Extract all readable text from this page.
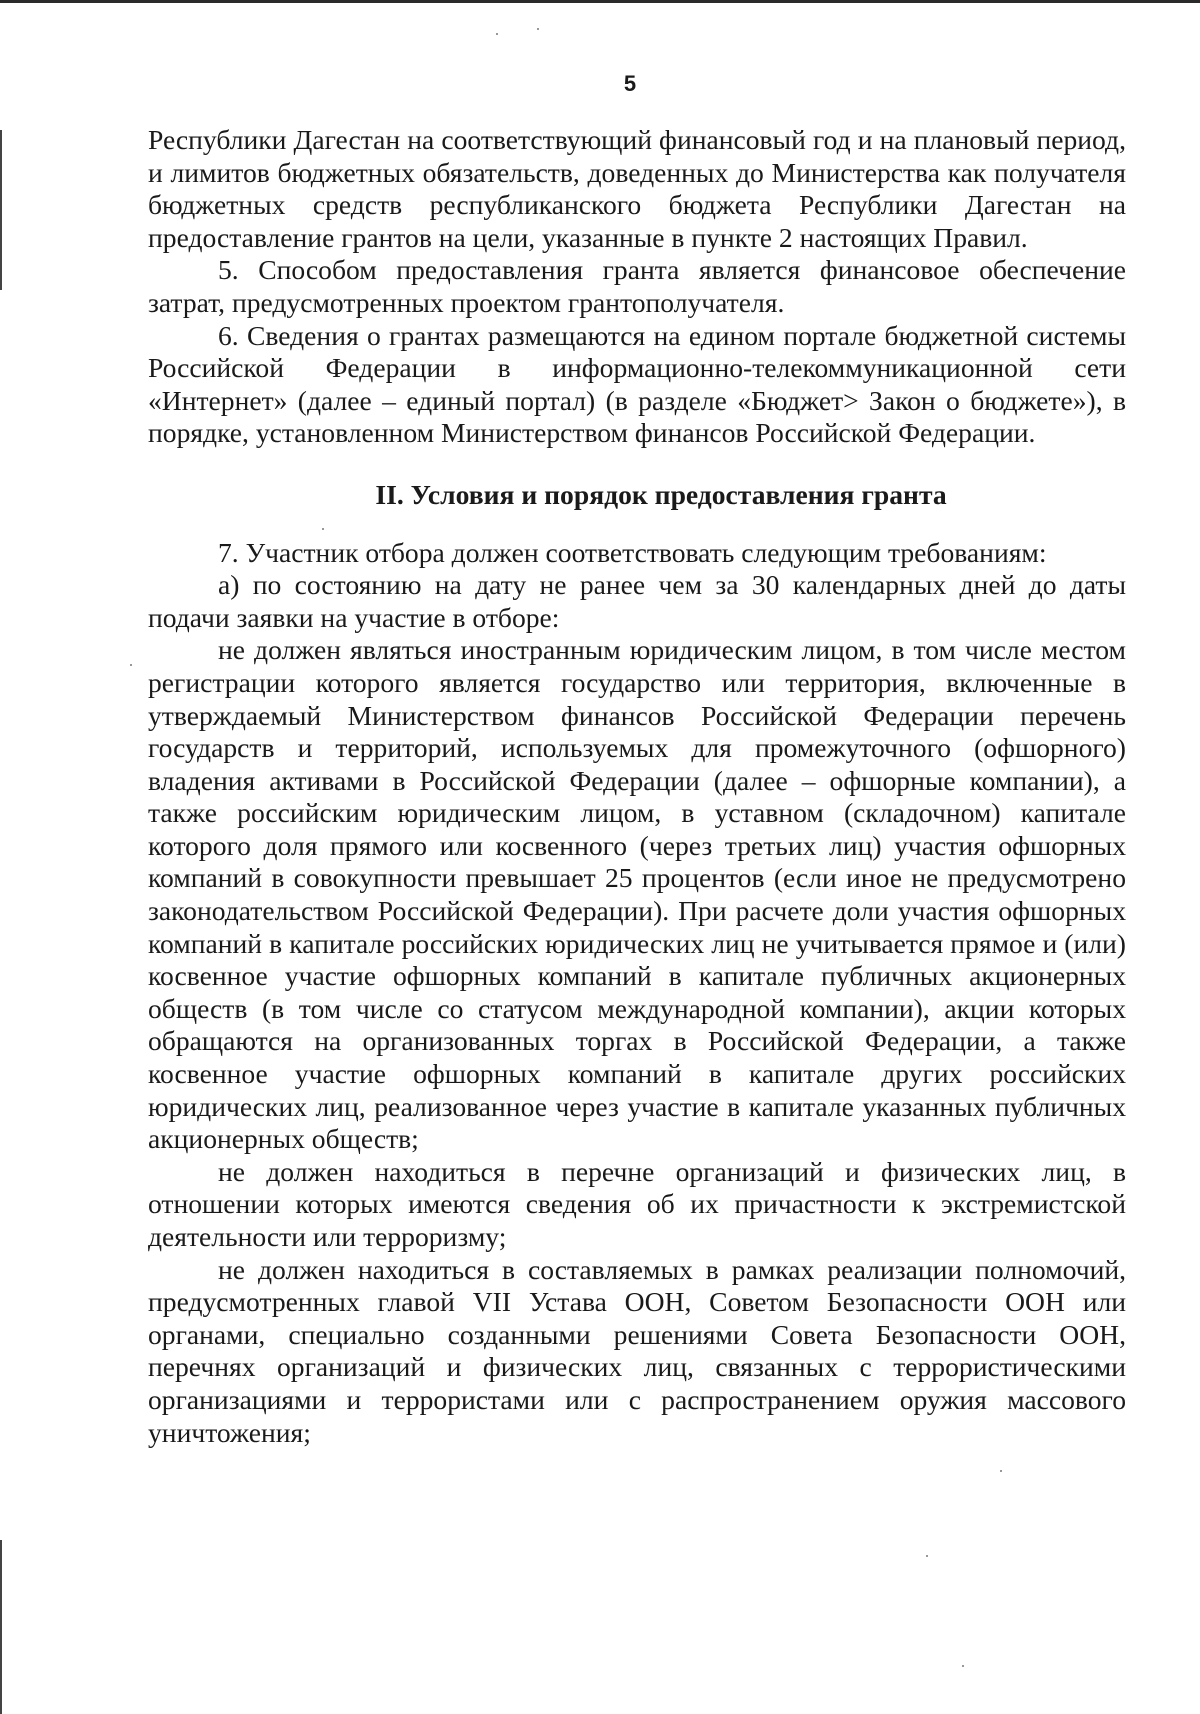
5
Республики Дагестан на соответствующий финансовый год и на плановый период, и лимитов бюджетных обязательств, доведенных до Министерства как получателя бюджетных средств республиканского бюджета Республики Дагестан на предоставление грантов на цели, указанные в пункте 2 настоящих Правил.
5. Способом предоставления гранта является финансовое обеспечение затрат, предусмотренных проектом грантополучателя.
6. Сведения о грантах размещаются на едином портале бюджетной системы Российской Федерации в информационно-телекоммуникационной сети «Интернет» (далее – единый портал) (в разделе «Бюджет> Закон о бюджете»), в порядке, установленном Министерством финансов Российской Федерации.
II. Условия и порядок предоставления гранта
7. Участник отбора должен соответствовать следующим требованиям:
а) по состоянию на дату не ранее чем за 30 календарных дней до даты подачи заявки на участие в отборе:
не должен являться иностранным юридическим лицом, в том числе местом регистрации которого является государство или территория, включенные в утверждаемый Министерством финансов Российской Федерации перечень государств и территорий, используемых для промежуточного (офшорного) владения активами в Российской Федерации (далее – офшорные компании), а также российским юридическим лицом, в уставном (складочном) капитале которого доля прямого или косвенного (через третьих лиц) участия офшорных компаний в совокупности превышает 25 процентов (если иное не предусмотрено законодательством Российской Федерации). При расчете доли участия офшорных компаний в капитале российских юридических лиц не учитывается прямое и (или) косвенное участие офшорных компаний в капитале публичных акционерных обществ (в том числе со статусом международной компании), акции которых обращаются на организованных торгах в Российской Федерации, а также косвенное участие офшорных компаний в капитале других российских юридических лиц, реализованное через участие в капитале указанных публичных акционерных обществ;
не должен находиться в перечне организаций и физических лиц, в отношении которых имеются сведения об их причастности к экстремистской деятельности или терроризму;
не должен находиться в составляемых в рамках реализации полномочий, предусмотренных главой VII Устава ООН, Советом Безопасности ООН или органами, специально созданными решениями Совета Безопасности ООН, перечнях организаций и физических лиц, связанных с террористическими организациями и террористами или с распространением оружия массового уничтожения;
